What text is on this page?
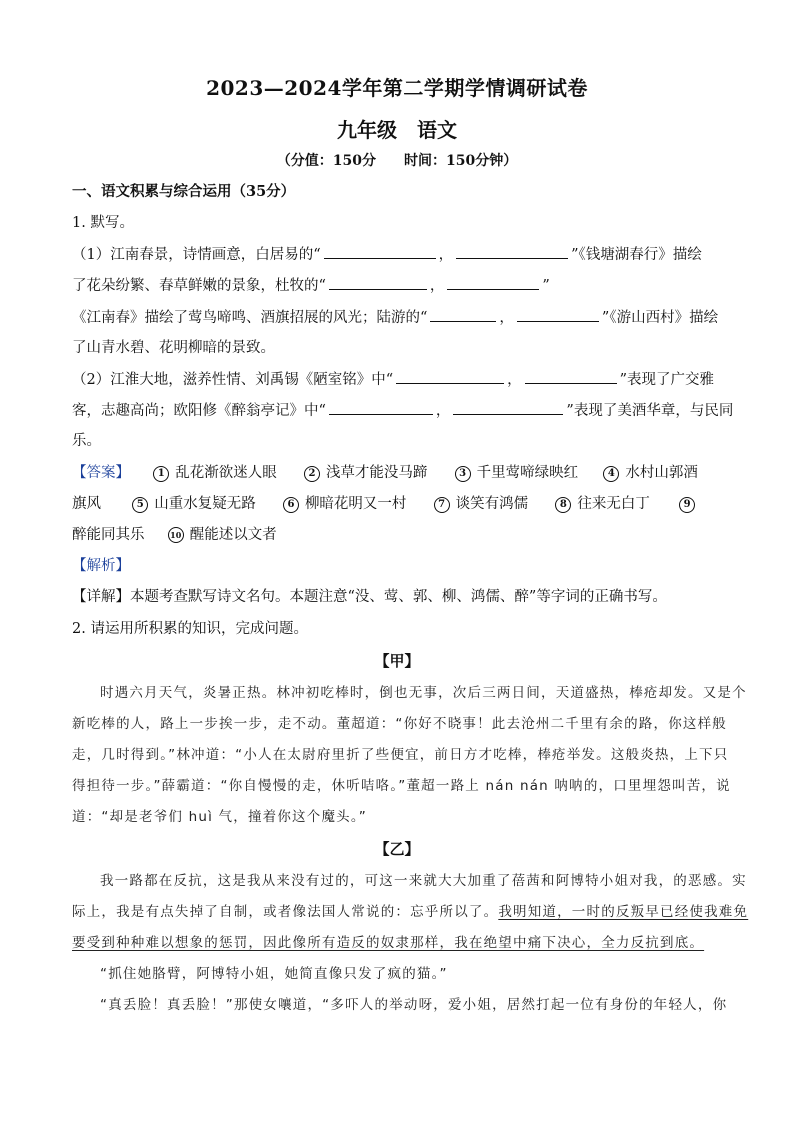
2023—2024学年第二学期学情调研试卷
九年级　语文
（分值：150分　　时间：150分钟）
一、语文积累与综合运用（35分）
1. 默写。
（1）江南春景，诗情画意，白居易的“	，	”《钱塘湖春行》描绘
了花朵纷繁、春草鲜嫩的景象，杜牧的“	，	”
《江南春》描绘了莺鸟啼鸣、酒旗招展的风光；陆游的“	，	”《游山西村》描绘
了山青水碧、花明柳暗的景致。
（2）江淮大地，滋养性情、刘禹锡《陋室铭》中“	，	”表现了广交雅
客，志趣高尚；欧阳修《醉翁亭记》中“	，	”表现了美酒华章，与民同
乐。
【答案】	1 乱花渐欲迷人眼	2 浅草才能没马蹄	3 千里莺啼绿映红	4 水村山郭酒
旗风	5 山重水复疑无路	6 柳暗花明又一村	7 谈笑有鸿儒	8 往来无白丁	9
醉能同其乐	10 醒能述以文者
【解析】
【详解】本题考查默写诗文名句。本题注意“没、莺、郭、柳、鸿儒、醉”等字词的正确书写。
2. 请运用所积累的知识，完成问题。
【甲】
时遇六月天气，炎暑正热。林冲初吃棒时，倒也无事，次后三两日间，天道盛热，棒疮却发。又是个
新吃棒的人，路上一步挨一步，走不动。董超道：“你好不晓事！此去沧州二千里有余的路，你这样般
走，几时得到。”林冲道：“小人在太尉府里折了些便宜，前日方才吃棒，棒疮举发。这般炎热，上下只
得担待一步。”薛霸道：“你自慢慢的走，休听咭咯。”董超一路上 nán nán 呐呐的，口里埋怨叫苦，说
道：“却是老爷们 huì 气，撞着你这个魔头。”
【乙】
我一路都在反抗，这是我从来没有过的，可这一来就大大加重了蓓茜和阿博特小姐对我，的恶感。实
际上，我是有点失掉了自制，或者像法国人常说的：忘乎所以了。我明知道，一时的反叛早已经使我难免
要受到种种难以想象的惩罚，因此像所有造反的奴隶那样，我在绝望中痛下决心，全力反抗到底。
“抓住她胳臂，阿博特小姐，她简直像只发了疯的猫。”
“真丢脸！真丢脸！”那使女嚷道，“多吓人的举动呀，爱小姐，居然打起一位有身份的年轻人，你
